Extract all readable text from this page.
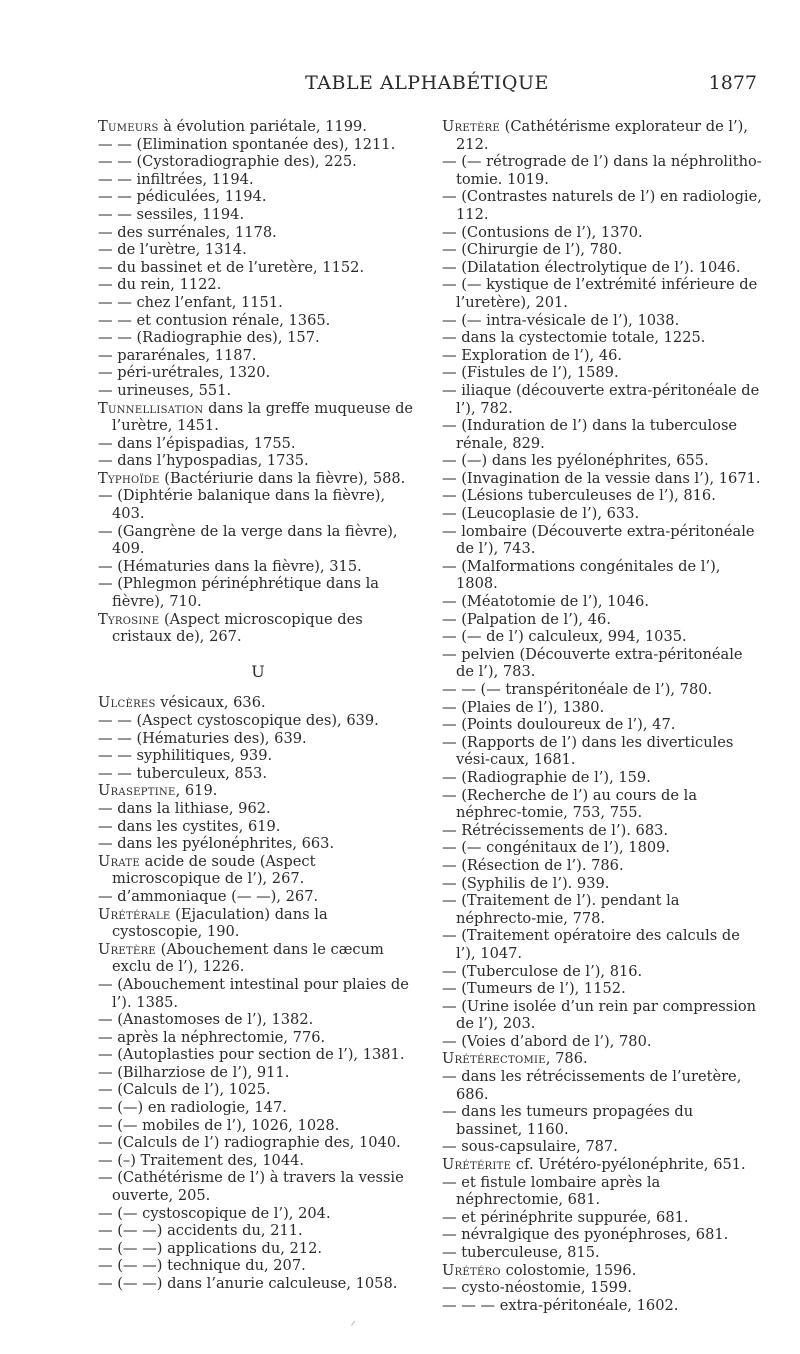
TABLE ALPHABÉTIQUE	1877

Tumeurs à évolution pariétale, 1199.

— — (Elimination spontanée des), 1211.

— — (Cystoradiographie des), 225.

— — infiltrées, 1194.

— — pédiculées, 1194.

— — sessiles, 1194.

— des surrénales, 1178.

— de l’urètre, 1314.

— du bassinet et de l’uretère, 1152.

— du rein, 1122.

— — chez l’enfant, 1151.

— — et contusion rénale, 1365.

— — (Radiographie des), 157.

— pararénales, 1187.

— péri-urétrales, 1320.

— urineuses, 551.

Tunnellisation dans la greffe muqueuse de l’urètre, 1451.

— dans l’épispadias, 1755.

— dans l’hypospadias, 1735.

Typhoïde (Bactériurie dans la fièvre), 588.

— (Diphtérie balanique dans la fièvre), 403.

— (Gangrène de la verge dans la fièvre), 409.

— (Hématuries dans la fièvre), 315.

— (Phlegmon périnéphrétique dans la fièvre), 710.

Tyrosine (Aspect microscopique des cristaux de), 267.

U

Ulcères vésicaux, 636.

— — (Aspect cystoscopique des), 639.

— — (Hématuries des), 639.

— — syphilitiques, 939.

— — tuberculeux, 853.

Uraseptine, 619.

— dans la lithiase, 962.

— dans les cystites, 619.

— dans les pyélonéphrites, 663.

Urate acide de soude (Aspect microscopique de l’), 267.

— d’ammoniaque (— —), 267.

Urétérale (Ejaculation) dans la cystoscopie, 190.

Uretère (Abouchement dans le cæcum exclu de l’), 1226.

— (Abouchement intestinal pour plaies de l’). 1385.

— (Anastomoses de l’), 1382.

— après la néphrectomie, 776.

— (Autoplasties pour section de l’), 1381.

— (Bilharziose de l’), 911.

— (Calculs de l’), 1025.

— (—) en radiologie, 147.

— (— mobiles de l’), 1026, 1028.

— (Calculs de l’) radiographie des, 1040.

— (–) Traitement des, 1044.

— (Cathétérisme de l’) à travers la vessie ouverte, 205.

— (— cystoscopique de l’), 204.

— (— —) accidents du, 211.

— (— —) applications du, 212.

— (— —) technique du, 207.

— (— —) dans l’anurie calculeuse, 1058.

Uretère (Cathétérisme explorateur de l’), 212.

— (— rétrograde de l’) dans la néphrolitho-tomie. 1019.

— (Contrastes naturels de l’) en radiologie, 112.

— (Contusions de l’), 1370.

— (Chirurgie de l’), 780.

— (Dilatation électrolytique de l’). 1046.

— (— kystique de l’extrémité inférieure de l’uretère), 201.

— (— intra-vésicale de l’), 1038.

— dans la cystectomie totale, 1225.

— Exploration de l’), 46.

— (Fistules de l’), 1589.

— iliaque (découverte extra-péritonéale de l’), 782.

— (Induration de l’) dans la tuberculose rénale, 829.

— (—) dans les pyélonéphrites, 655.

— (Invagination de la vessie dans l’), 1671.

— (Lésions tuberculeuses de l’), 816.

— (Leucoplasie de l’), 633.

— lombaire (Découverte extra-péritonéale de l’), 743.

— (Malformations congénitales de l’), 1808.

— (Méatotomie de l’), 1046.

— (Palpation de l’), 46.

— (— de l’) calculeux, 994, 1035.

— pelvien (Découverte extra-péritonéale de l’), 783.

— — (— transpéritonéale de l’), 780.

— (Plaies de l’), 1380.

— (Points douloureux de l’), 47.

— (Rapports de l’) dans les diverticules vési-caux, 1681.

— (Radiographie de l’), 159.

— (Recherche de l’) au cours de la néphrec-tomie, 753, 755.

— Rétrécissements de l’). 683.

— (— congénitaux de l’), 1809.

— (Résection de l’). 786.

— (Syphilis de l’). 939.

— (Traitement de l’). pendant la néphrecto-mie, 778.

— (Traitement opératoire des calculs de l’), 1047.

— (Tuberculose de l’), 816.

— (Tumeurs de l’), 1152.

— (Urine isolée d’un rein par compression de l’), 203.

— (Voies d’abord de l’), 780.

Urétérectomie, 786.

— dans les rétrécissements de l’uretère, 686.

— dans les tumeurs propagées du bassinet, 1160.

— sous-capsulaire, 787.

Urétérite cf. Urétéro-pyélonéphrite, 651.

— et fistule lombaire après la néphrectomie, 681.

— et périnéphrite suppurée, 681.

— névralgique des pyonéphroses, 681.

— tuberculeuse, 815.

Urétéro colostomie, 1596.

— cysto-néostomie, 1599.

— — — extra-péritonéale, 1602.
